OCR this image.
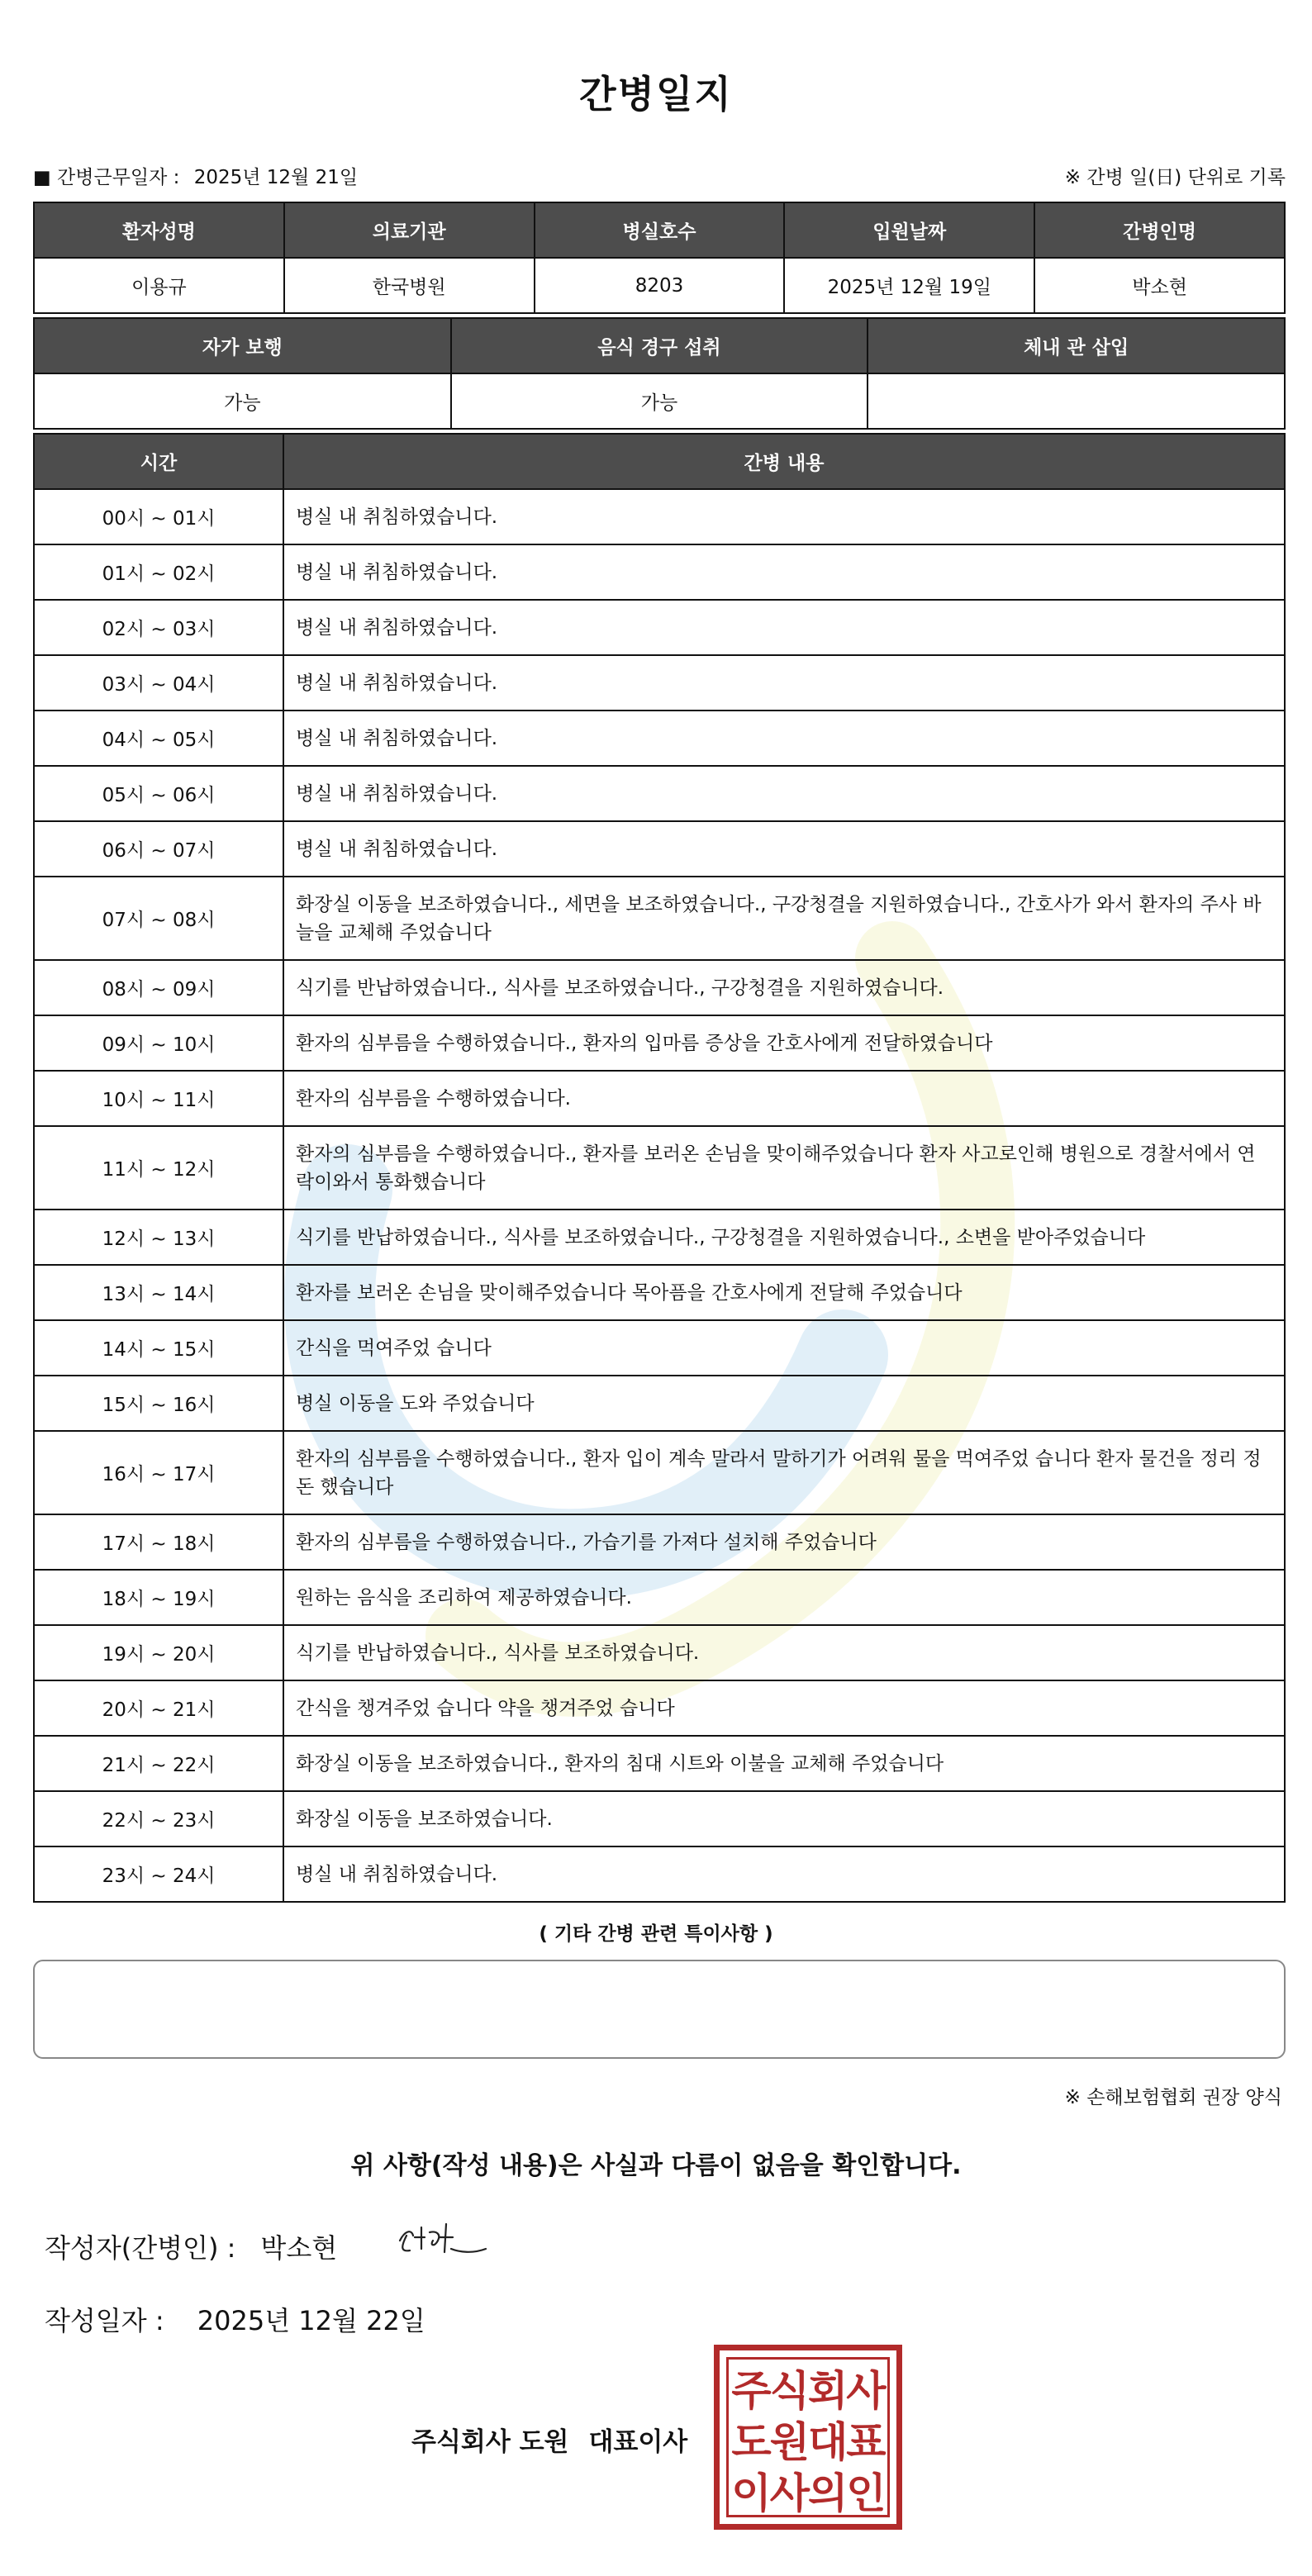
간병일지
■ 간병근무일자 : 2025년 12월 21일	※ 간병 일(日) 단위로 기록
환자성명	의료기관	병실호수	입원날짜	간병인명
이용규	한국병원	8203	2025년 12월 19일	박소현
자가 보행	음식 경구 섭취	체내 관 삽입
가능	가능	
시간	간병 내용
00시 ~ 01시	병실 내 취침하였습니다.
01시 ~ 02시	병실 내 취침하였습니다.
02시 ~ 03시	병실 내 취침하였습니다.
03시 ~ 04시	병실 내 취침하였습니다.
04시 ~ 05시	병실 내 취침하였습니다.
05시 ~ 06시	병실 내 취침하였습니다.
06시 ~ 07시	병실 내 취침하였습니다.
07시 ~ 08시	화장실 이동을 보조하였습니다., 세면을 보조하였습니다., 구강청결을 지원하였습니다., 간호사가 와서 환자의 주사 바늘을 교체해 주었습니다
08시 ~ 09시	식기를 반납하였습니다., 식사를 보조하였습니다., 구강청결을 지원하였습니다.
09시 ~ 10시	환자의 심부름을 수행하였습니다., 환자의 입마름 증상을 간호사에게 전달하였습니다
10시 ~ 11시	환자의 심부름을 수행하였습니다.
11시 ~ 12시	환자의 심부름을 수행하였습니다., 환자를 보러온 손님을 맞이해주었습니다 환자 사고로인해 병원으로 경찰서에서 연락이와서 통화했습니다
12시 ~ 13시	식기를 반납하였습니다., 식사를 보조하였습니다., 구강청결을 지원하였습니다., 소변을 받아주었습니다
13시 ~ 14시	환자를 보러온 손님을 맞이해주었습니다 목아픔을 간호사에게 전달해 주었습니다
14시 ~ 15시	간식을 먹여주었 습니다
15시 ~ 16시	병실 이동을 도와 주었습니다
16시 ~ 17시	환자의 심부름을 수행하였습니다., 환자 입이 계속 말라서 말하기가 어려워 물을 먹여주었 습니다 환자 물건을 정리 정돈 했습니다
17시 ~ 18시	환자의 심부름을 수행하였습니다., 가습기를 가져다 설치해 주었습니다
18시 ~ 19시	원하는 음식을 조리하여 제공하였습니다.
19시 ~ 20시	식기를 반납하였습니다., 식사를 보조하였습니다.
20시 ~ 21시	간식을 챙겨주었 습니다 약을 챙겨주었 습니다
21시 ~ 22시	화장실 이동을 보조하였습니다., 환자의 침대 시트와 이불을 교체해 주었습니다
22시 ~ 23시	화장실 이동을 보조하였습니다.
23시 ~ 24시	병실 내 취침하였습니다.
( 기타 간병 관련 특이사항 )
※ 손해보험협회 권장 양식
위 사항(작성 내용)은 사실과 다름이 없음을 확인합니다.
작성자(간병인) : 박소현
작성일자 : 2025년 12월 22일
주식회사 도원 대표이사
주식회사
도원대표
이사의인
